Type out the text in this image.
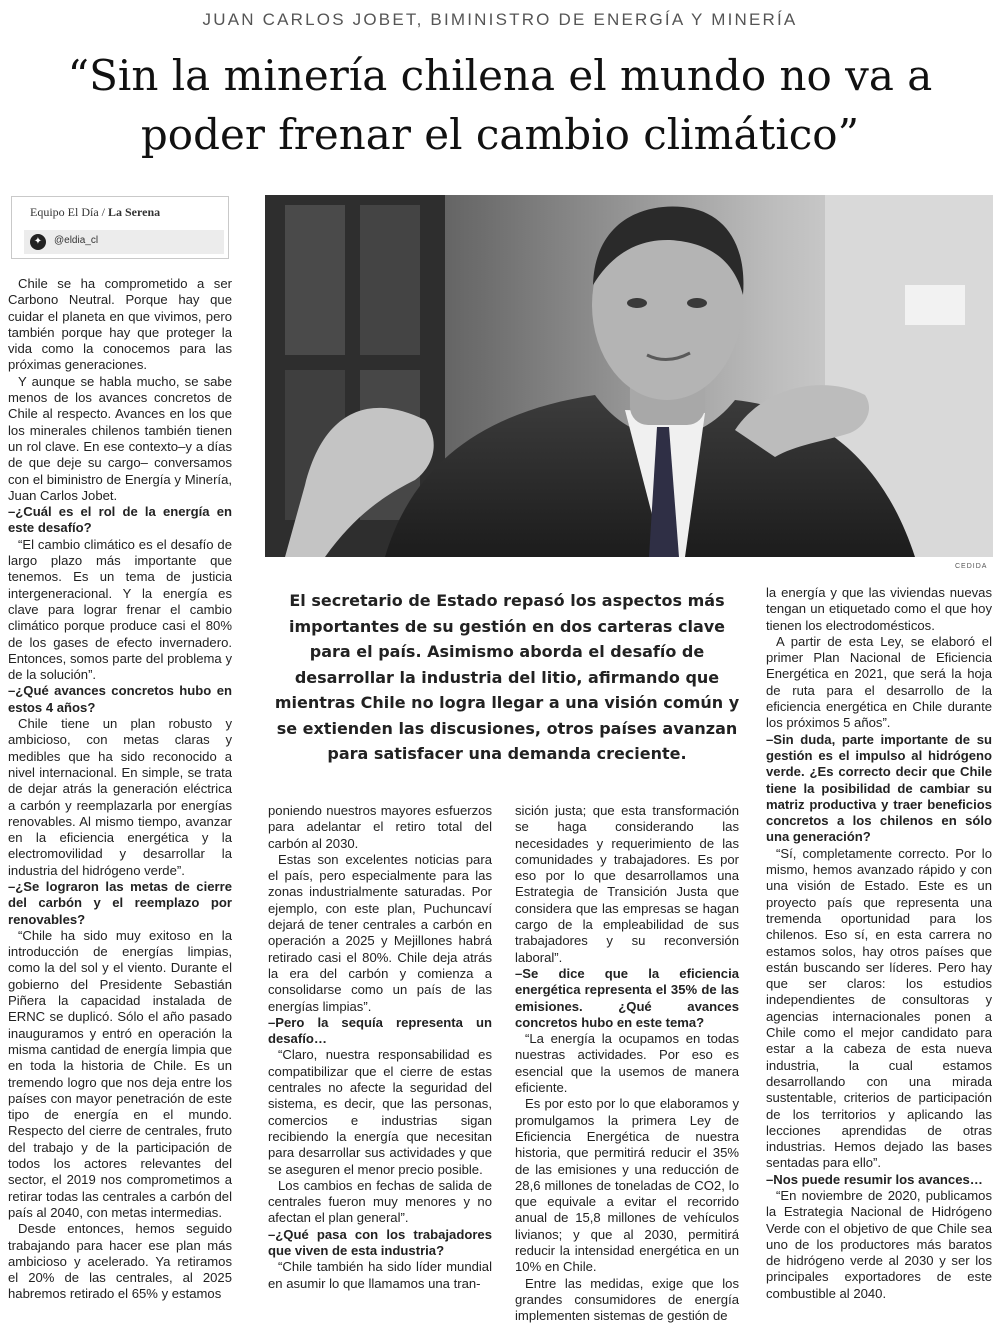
JUAN CARLOS JOBET, BIMINISTRO DE ENERGÍA Y MINERÍA
“Sin la minería chilena el mundo no va a poder frenar el cambio climático”
Equipo El Día / La Serena
✦	@eldia_cl
CEDIDA

El secretario de Estado repasó los aspectos más importantes de su gestión en dos carteras clave para el país. Asimismo aborda el desafío de desarrollar la industria del litio, afirmando que mientras Chile no logra llegar a una visión común y se extienden las discusiones, otros países avanzan para satisfacer una demanda creciente.

Chile se ha comprometido a ser Carbono Neutral. Porque hay que cuidar el planeta en que vivimos, pero también porque hay que proteger la vida como la conocemos para las próximas generaciones.

Y aunque se habla mucho, se sabe menos de los avances concretos de Chile al respecto. Avances en los que los minerales chilenos también tienen un rol clave. En ese contexto–y a días de que deje su cargo– conversamos con el biministro de Energía y Minería, Juan Carlos Jobet.

–¿Cuál es el rol de la energía en este desafío?

“El cambio climático es el desafío de largo plazo más importante que tenemos. Es un tema de justicia intergeneracional. Y la energía es clave para lograr frenar el cambio climático porque produce casi el 80% de los gases de efecto invernadero. Entonces, somos parte del problema y de la solución”.

–¿Qué avances concretos hubo en estos 4 años?

Chile tiene un plan robusto y ambicioso, con metas claras y medibles que ha sido reconocido a nivel internacional. En simple, se trata de dejar atrás la generación eléctrica a carbón y reemplazarla por energías renovables. Al mismo tiempo, avanzar en la eficiencia energética y la electromovilidad y desarrollar la industria del hidrógeno verde”.

–¿Se lograron las metas de cierre del carbón y el reemplazo por renovables?

“Chile ha sido muy exitoso en la introducción de energías limpias, como la del sol y el viento. Durante el gobierno del Presidente Sebastián Piñera la capacidad instalada de ERNC se duplicó. Sólo el año pasado inauguramos y entró en operación la misma cantidad de energía limpia que en toda la historia de Chile. Es un tremendo logro que nos deja entre los países con mayor penetración de este tipo de energía en el mundo. Respecto del cierre de centrales, fruto del trabajo y de la participación de todos los actores relevantes del sector, el 2019 nos comprometimos a retirar todas las centrales a carbón del país al 2040, con metas intermedias.

Desde entonces, hemos seguido trabajando para hacer ese plan más ambicioso y acelerado. Ya retiramos el 20% de las centrales, al 2025 habremos retirado el 65% y estamos

poniendo nuestros mayores esfuerzos para adelantar el retiro total del carbón al 2030.

Estas son excelentes noticias para el país, pero especialmente para las zonas industrialmente saturadas. Por ejemplo, con este plan, Puchuncaví dejará de tener centrales a carbón en operación a 2025 y Mejillones habrá retirado casi el 80%. Chile deja atrás la era del carbón y comienza a consolidarse como un país de las energías limpias”.

–Pero la sequía representa un desafío…

“Claro, nuestra responsabilidad es compatibilizar que el cierre de estas centrales no afecte la seguridad del sistema, es decir, que las personas, comercios e industrias sigan recibiendo la energía que necesitan para desarrollar sus actividades y que se aseguren el menor precio posible.

Los cambios en fechas de salida de centrales fueron muy menores y no afectan el plan general”.

–¿Qué pasa con los trabajadores que viven de esta industria?

“Chile también ha sido líder mundial en asumir lo que llamamos una tran-

sición justa; que esta transformación se haga considerando las necesidades y requerimiento de las comunidades y trabajadores. Es por eso por lo que desarrollamos una Estrategia de Transición Justa que considera que las empresas se hagan cargo de la empleabilidad de sus trabajadores y su reconversión laboral”.

–Se dice que la eficiencia energética representa el 35% de las emisiones. ¿Qué avances concretos hubo en este tema?

“La energía la ocupamos en todas nuestras actividades. Por eso es esencial que la usemos de manera eficiente.

Es por esto por lo que elaboramos y promulgamos la primera Ley de Eficiencia Energética de nuestra historia, que permitirá reducir el 35% de las emisiones y una reducción de 28,6 millones de toneladas de CO2, lo que equivale a evitar el recorrido anual de 15,8 millones de vehículos livianos; y que al 2030, permitirá reducir la intensidad energética en un 10% en Chile.

Entre las medidas, exige que los grandes consumidores de energía implementen sistemas de gestión de

la energía y que las viviendas nuevas tengan un etiquetado como el que hoy tienen los electrodomésticos.

A partir de esta Ley, se elaboró el primer Plan Nacional de Eficiencia Energética en 2021, que será la hoja de ruta para el desarrollo de la eficiencia energética en Chile durante los próximos 5 años”.

–Sin duda, parte importante de su gestión es el impulso al hidrógeno verde. ¿Es correcto decir que Chile tiene la posibilidad de cambiar su matriz productiva y traer beneficios concretos a los chilenos en sólo una generación?

“Sí, completamente correcto. Por lo mismo, hemos avanzado rápido y con una visión de Estado. Este es un proyecto país que representa una tremenda oportunidad para los chilenos. Eso sí, en esta carrera no estamos solos, hay otros países que están buscando ser líderes. Pero hay que ser claros: los estudios independientes de consultoras y agencias internacionales ponen a Chile como el mejor candidato para estar a la cabeza de esta nueva industria, la cual estamos desarrollando con una mirada sustentable, criterios de participación de los territorios y aplicando las lecciones aprendidas de otras industrias. Hemos dejado las bases sentadas para ello”.

–Nos puede resumir los avances…

“En noviembre de 2020, publicamos la Estrategia Nacional de Hidrógeno Verde con el objetivo de que Chile sea uno de los productores más baratos de hidrógeno verde al 2030 y ser los principales exportadores de este combustible al 2040.
